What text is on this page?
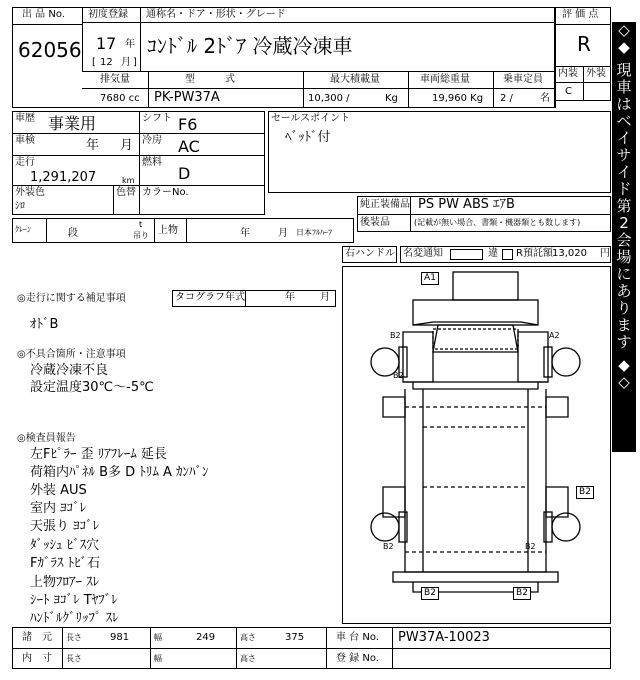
出 品 No.
62056
初度登録 通称名・ドア・形状・グレード
17 年
[ 12 月 ]
ｺﾝﾄﾞﾙ 2ﾄﾞｱ 冷蔵冷凍車
評 価 点
R
内装 外装
C
排気量	型　　　式	最大積載量	車両総重量	乗車定員
7680 cc PK-PW37A	10,300 /	Kg	19,960 Kg 2 /	名
車歴 事業用
車検	年 月
走行
1,291,207	km
シフト F6
冷房 AC
燃料
D
外装色
ｼﾛ
色替 カラーNo.
セールスポイント
ﾍﾞｯﾄﾞ付
純正装備品 PS PW ABS ｴｱB
後装品	(記載が無い場合、書類・機器類とも数します)
ｸﾚｰﾝ	段
t
吊り 上物	年	月 日本ﾌﾙﾊｰﾌ
右ハンドル 名変通知	違 R預託額 13,020 円
◎走行に関する補足事項	タコグラフ年式	年	月
ｵﾄﾞB
◎不具合箇所・注意事項
冷蔵冷凍不良
設定温度30℃～-5℃
◎検査員報告
左Fﾋﾟﾗｰ 歪 ﾘｱﾌﾚｰﾑ 延長
荷箱内ﾊﾟﾈﾙ B多 D ﾄﾘﾑ A ｶﾝﾊﾞﾝ
外装 AUS
室内 ﾖｺﾞﾚ
天張り ﾖｺﾞﾚ
ﾀﾞｯｼｭ ﾋﾞｽ穴
Fｶﾞﾗｽ ﾄﾋﾞ石
上物ﾌﾛｱｰ ｽﾚ
ｼｰﾄ ﾖｺﾞﾚ Tﾔﾌﾞﾚ
ﾊﾝﾄﾞﾙｸﾞﾘｯﾌﾟ ｽﾚ
A1
B2	A2
B2
B2
B2	B2
B2	B2
◇
◆
現
車
は
ベ
イ
サ
イ
ド
第
2
会
場
に
あ
り
ま
す
◆
◇
諸　元 長さ	981	幅	249	高さ	375	車 台 No. PW37A-10023
内　寸 長さ	幅	高さ	登 録 No.
